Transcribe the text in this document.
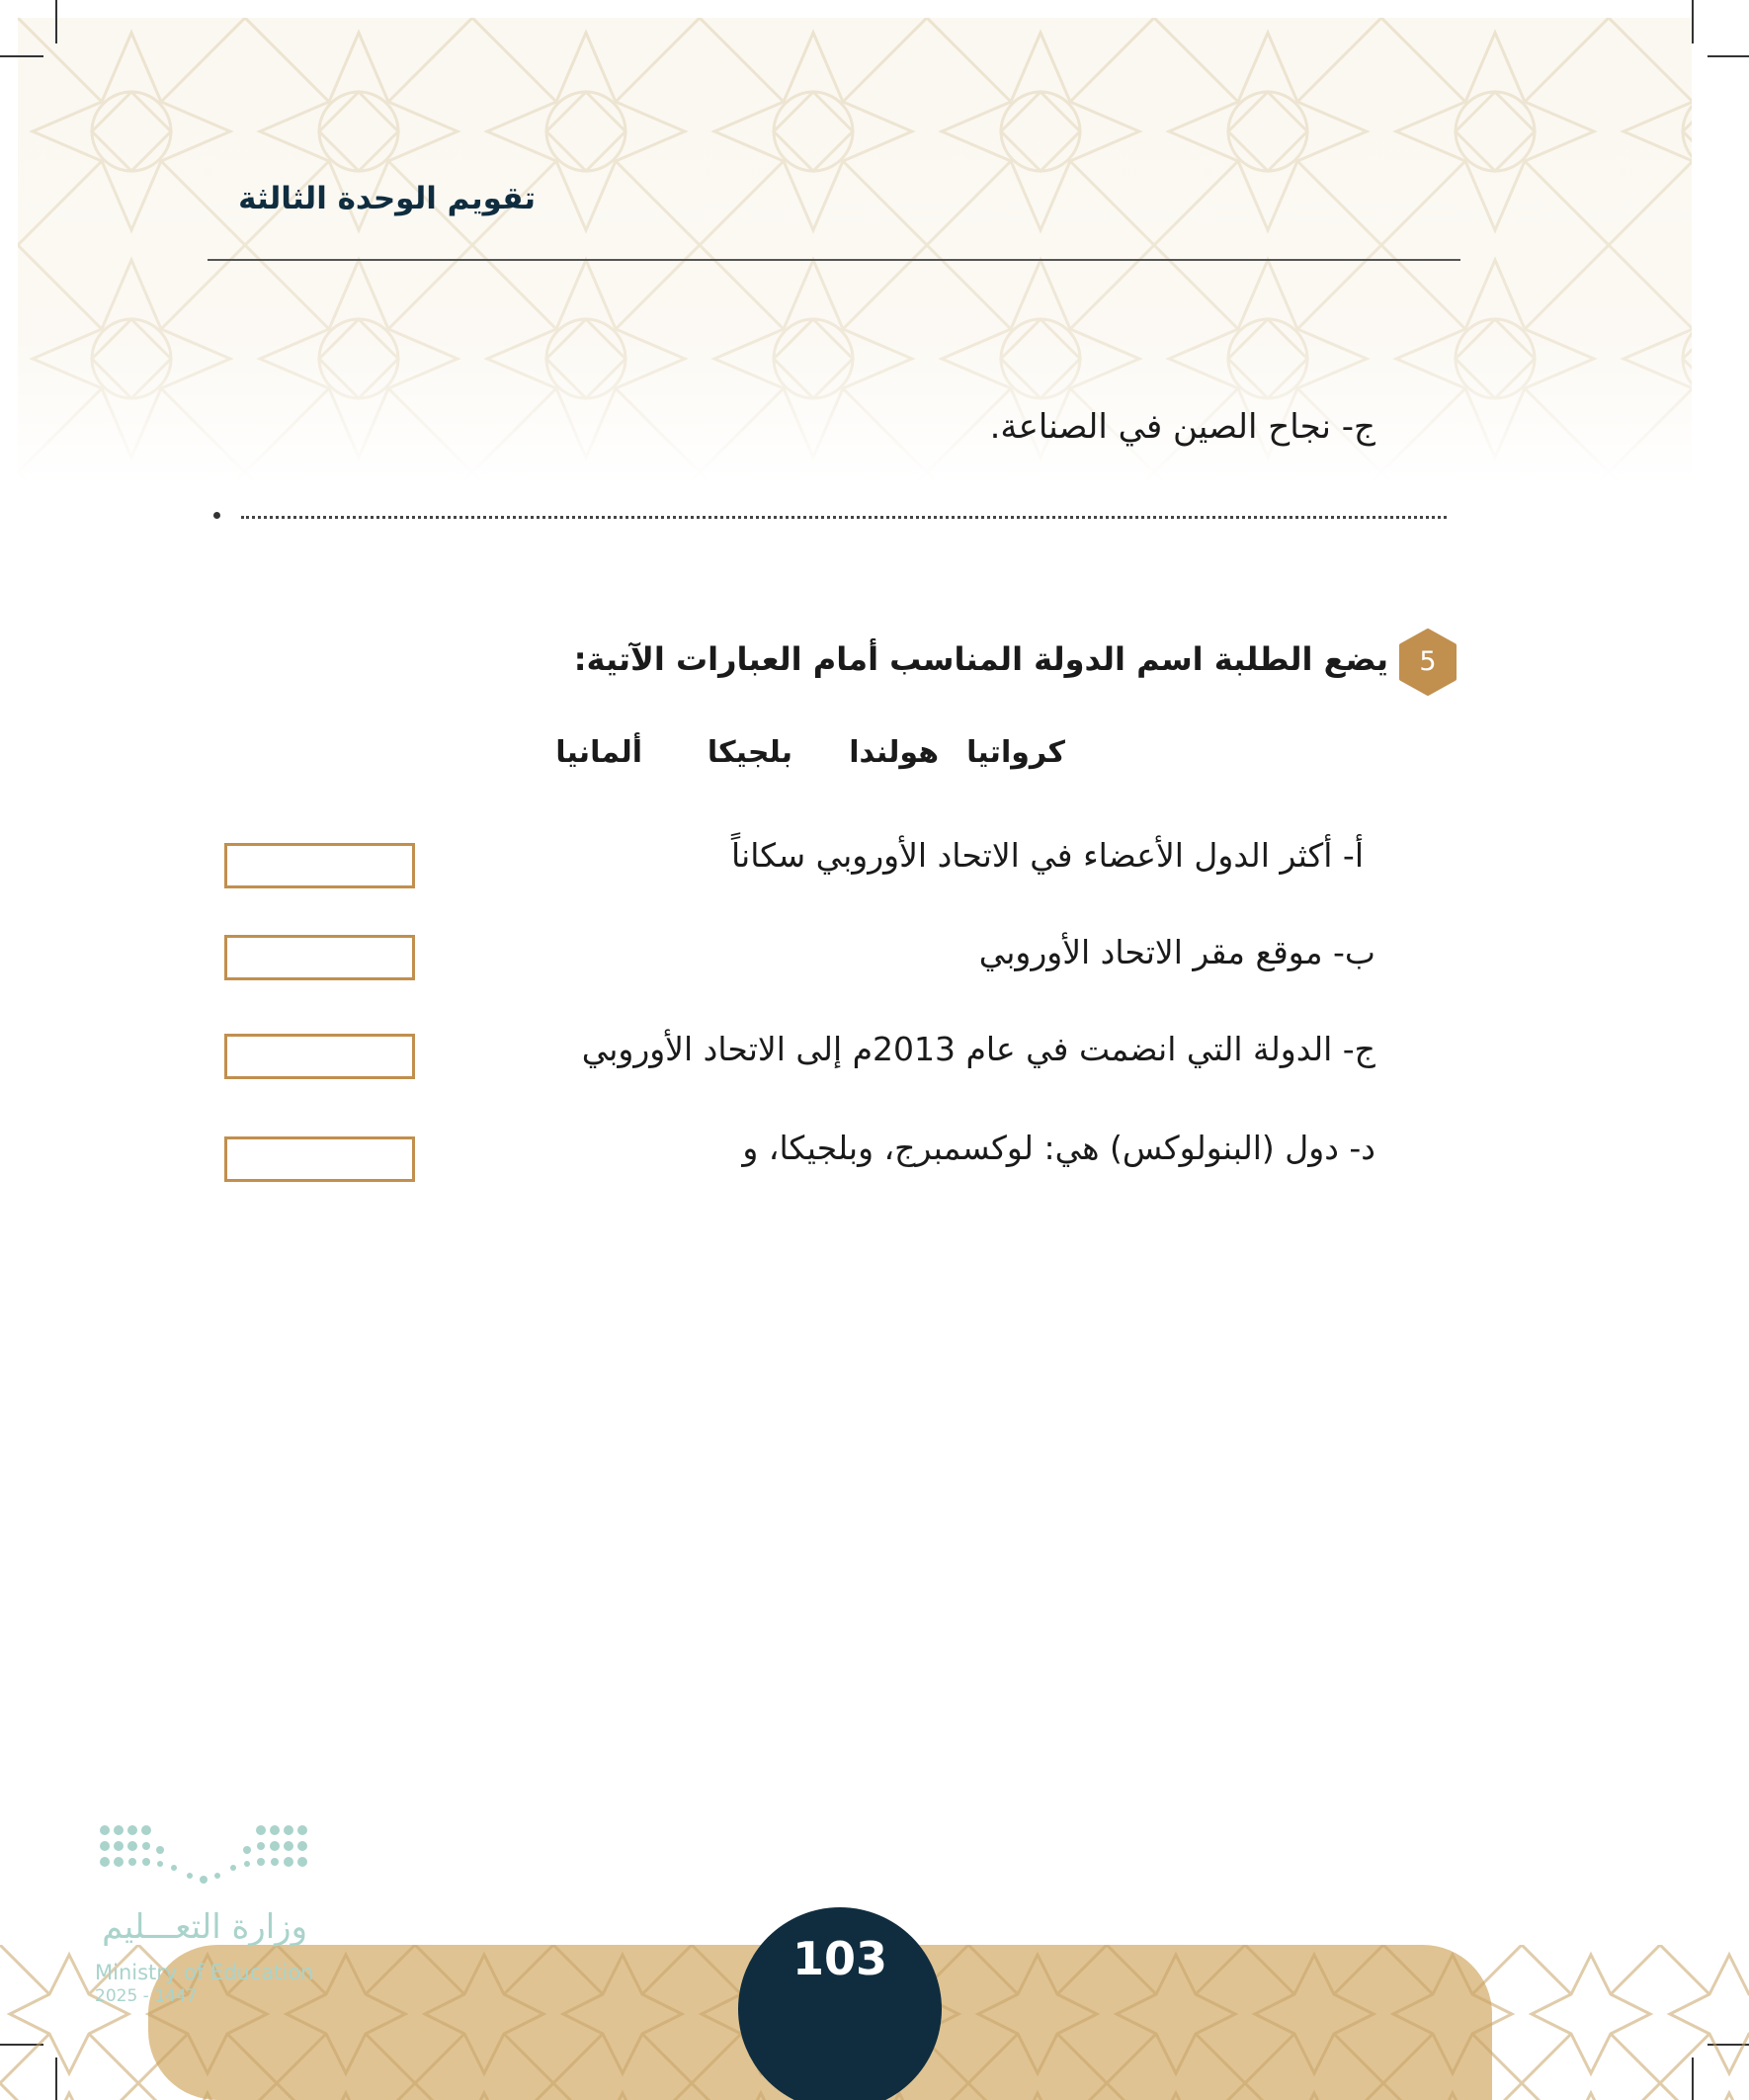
تقويم الوحدة الثالثة
ج- نجاح الصين في الصناعة.
5
يضع الطلبة اسم الدولة المناسب أمام العبارات الآتية:
كرواتيا
هولندا
بلجيكا
ألمانيا
أ- أكثر الدول الأعضاء في الاتحاد الأوروبي سكاناً
ب- موقع مقر الاتحاد الأوروبي
ج- الدولة التي انضمت في عام 2013م إلى الاتحاد الأوروبي
د- دول (البنولوكس) هي: لوكسمبرج، وبلجيكا، و
103
وزارة التعـــليم
Ministry of Education
2025 - 1447
